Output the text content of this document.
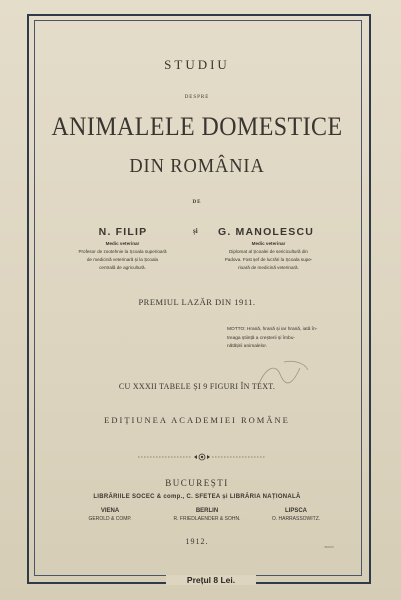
STUDIU
DESPRE
ANIMALELE DOMESTICE
DIN ROMÂNIA
DE
N. FILIP	și	G. MANOLESCU
Medic veterinar
Profesor de zootehnie la Școala superioară
de medicină veterinară și la Școala
centrală de agricultură.
Medic veterinar
Diplomat al Școalei de sericicultură din
Padova. Fost șef de lucrări la Școala supe-
rioară de medicină veterinară.
PREMIUL LAZĂR DIN 1911.
MOTTO: Hrană, hrană și iar hrană, iată în-
treaga știință a creșterii și îmbu-
nătățirii animalelor.
CU XXXII TABELE ȘI 9 FIGURI ÎN TEXT.
EDIȚIUNEA ACADEMIEI ROMÂNE
BUCUREȘTI
LIBRĂRIILE SOCEC & comp., C. SFETEA și LIBRĂRIA NAȚIONALĂ
VIENA
GEROLD & COMP.
BERLIN
R. FRIEDLAENDER & SOHN.
LIPSCA
O. HARRASSOWITZ.
1912.
39.025
Prețul 8 Lei.
